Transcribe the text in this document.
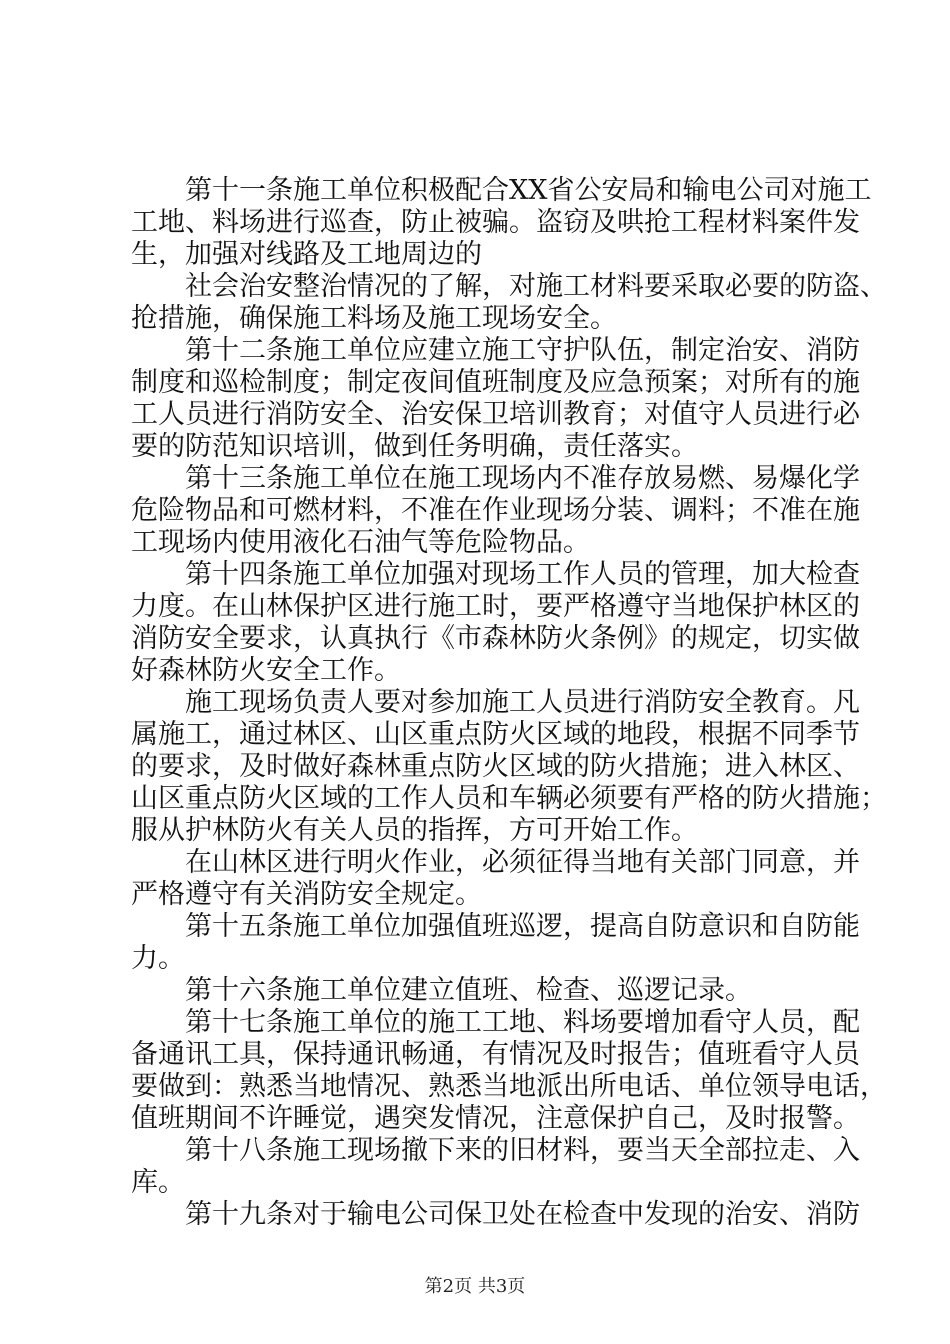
第十一条施工单位积极配合XX省公安局和输电公司对施工
工地、料场进行巡查，防止被骗。盗窃及哄抢工程材料案件发
生，加强对线路及工地周边的
社会治安整治情况的了解，对施工材料要采取必要的防盗、
抢措施，确保施工料场及施工现场安全。
第十二条施工单位应建立施工守护队伍，制定治安、消防
制度和巡检制度；制定夜间值班制度及应急预案；对所有的施
工人员进行消防安全、治安保卫培训教育；对值守人员进行必
要的防范知识培训，做到任务明确，责任落实。
第十三条施工单位在施工现场内不准存放易燃、易爆化学
危险物品和可燃材料，不准在作业现场分装、调料；不准在施
工现场内使用液化石油气等危险物品。
第十四条施工单位加强对现场工作人员的管理，加大检查
力度。在山林保护区进行施工时，要严格遵守当地保护林区的
消防安全要求，认真执行《市森林防火条例》的规定，切实做
好森林防火安全工作。
施工现场负责人要对参加施工人员进行消防安全教育。凡
属施工，通过林区、山区重点防火区域的地段，根据不同季节
的要求，及时做好森林重点防火区域的防火措施；进入林区、
山区重点防火区域的工作人员和车辆必须要有严格的防火措施；
服从护林防火有关人员的指挥，方可开始工作。
在山林区进行明火作业，必须征得当地有关部门同意，并
严格遵守有关消防安全规定。
第十五条施工单位加强值班巡逻，提高自防意识和自防能
力。
第十六条施工单位建立值班、检查、巡逻记录。
第十七条施工单位的施工工地、料场要增加看守人员，配
备通讯工具，保持通讯畅通，有情况及时报告；值班看守人员
要做到：熟悉当地情况、熟悉当地派出所电话、单位领导电话，
值班期间不许睡觉，遇突发情况，注意保护自己，及时报警。
第十八条施工现场撤下来的旧材料，要当天全部拉走、入
库。
第十九条对于输电公司保卫处在检查中发现的治安、消防
第2页 共3页
